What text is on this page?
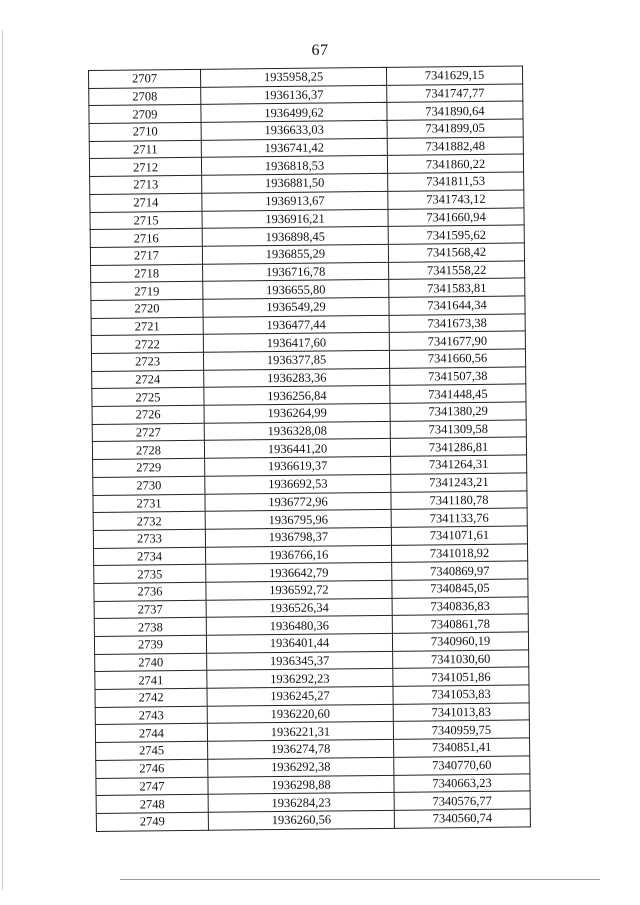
67
2707	1935958,25	7341629,15
2708	1936136,37	7341747,77
2709	1936499,62	7341890,64
2710	1936633,03	7341899,05
2711	1936741,42	7341882,48
2712	1936818,53	7341860,22
2713	1936881,50	7341811,53
2714	1936913,67	7341743,12
2715	1936916,21	7341660,94
2716	1936898,45	7341595,62
2717	1936855,29	7341568,42
2718	1936716,78	7341558,22
2719	1936655,80	7341583,81
2720	1936549,29	7341644,34
2721	1936477,44	7341673,38
2722	1936417,60	7341677,90
2723	1936377,85	7341660,56
2724	1936283,36	7341507,38
2725	1936256,84	7341448,45
2726	1936264,99	7341380,29
2727	1936328,08	7341309,58
2728	1936441,20	7341286,81
2729	1936619,37	7341264,31
2730	1936692,53	7341243,21
2731	1936772,96	7341180,78
2732	1936795,96	7341133,76
2733	1936798,37	7341071,61
2734	1936766,16	7341018,92
2735	1936642,79	7340869,97
2736	1936592,72	7340845,05
2737	1936526,34	7340836,83
2738	1936480,36	7340861,78
2739	1936401,44	7340960,19
2740	1936345,37	7341030,60
2741	1936292,23	7341051,86
2742	1936245,27	7341053,83
2743	1936220,60	7341013,83
2744	1936221,31	7340959,75
2745	1936274,78	7340851,41
2746	1936292,38	7340770,60
2747	1936298,88	7340663,23
2748	1936284,23	7340576,77
2749	1936260,56	7340560,74
